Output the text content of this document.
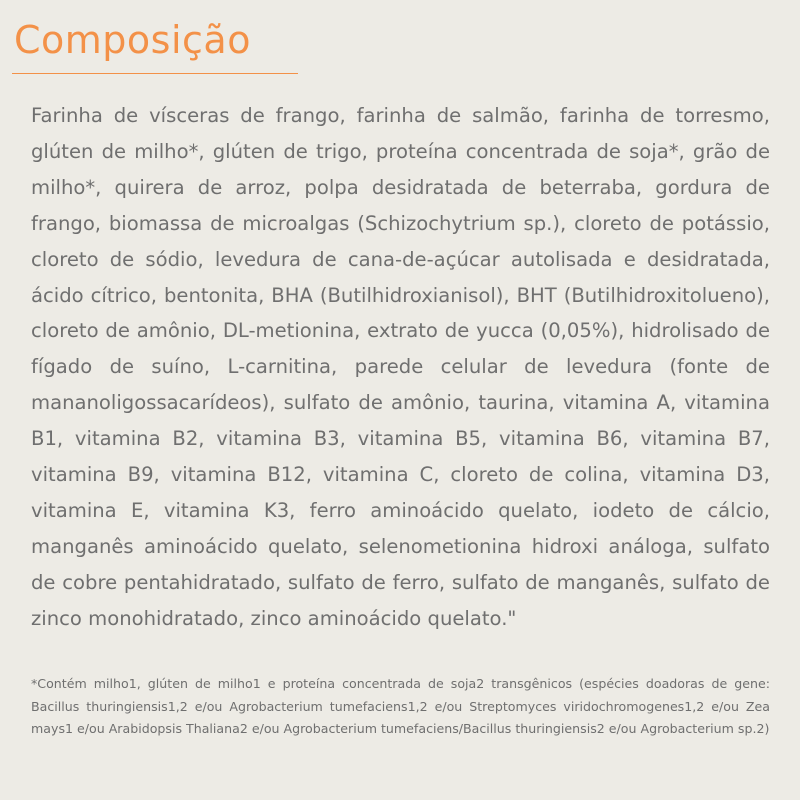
Composição

Farinha de vísceras de frango, farinha de salmão, farinha de torresmo, glúten de milho*, glúten de trigo, proteína concentrada de soja*, grão de milho*, quirera de arroz, polpa desidratada de beterraba, gordura de frango, biomassa de microalgas (Schizochytrium sp.), cloreto de potássio, cloreto de sódio, levedura de cana-de-açúcar autolisada e desidratada, ácido cítrico, bentonita, BHA (Butilhidroxianisol), BHT (Butilhidroxitolueno), cloreto de amônio, DL-metionina, extrato de yucca (0,05%), hidrolisado de fígado de suíno, L-carnitina, parede celular de levedura (fonte de mananoligossacarídeos), sulfato de amônio, taurina, vitamina A, vitamina B1, vitamina B2, vitamina B3, vitamina B5, vitamina B6, vitamina B7, vitamina B9, vitamina B12, vitamina C, cloreto de colina, vitamina D3, vitamina E, vitamina K3, ferro aminoácido quelato, iodeto de cálcio, manganês aminoácido quelato, selenometionina hidroxi análoga, sulfato de cobre pentahidratado, sulfato de ferro, sulfato de manganês, sulfato de zinco monohidratado, zinco aminoácido quelato."

*Contém milho1, glúten de milho1 e proteína concentrada de soja2 transgênicos (espécies doadoras de gene: Bacillus thuringiensis1,2 e/ou Agrobacterium tumefaciens1,2 e/ou Streptomyces viridochromogenes1,2 e/ou Zea mays1 e/ou Arabidopsis Thaliana2 e/ou Agrobacterium tumefaciens/Bacillus thuringiensis2 e/ou Agrobacterium sp.2)
